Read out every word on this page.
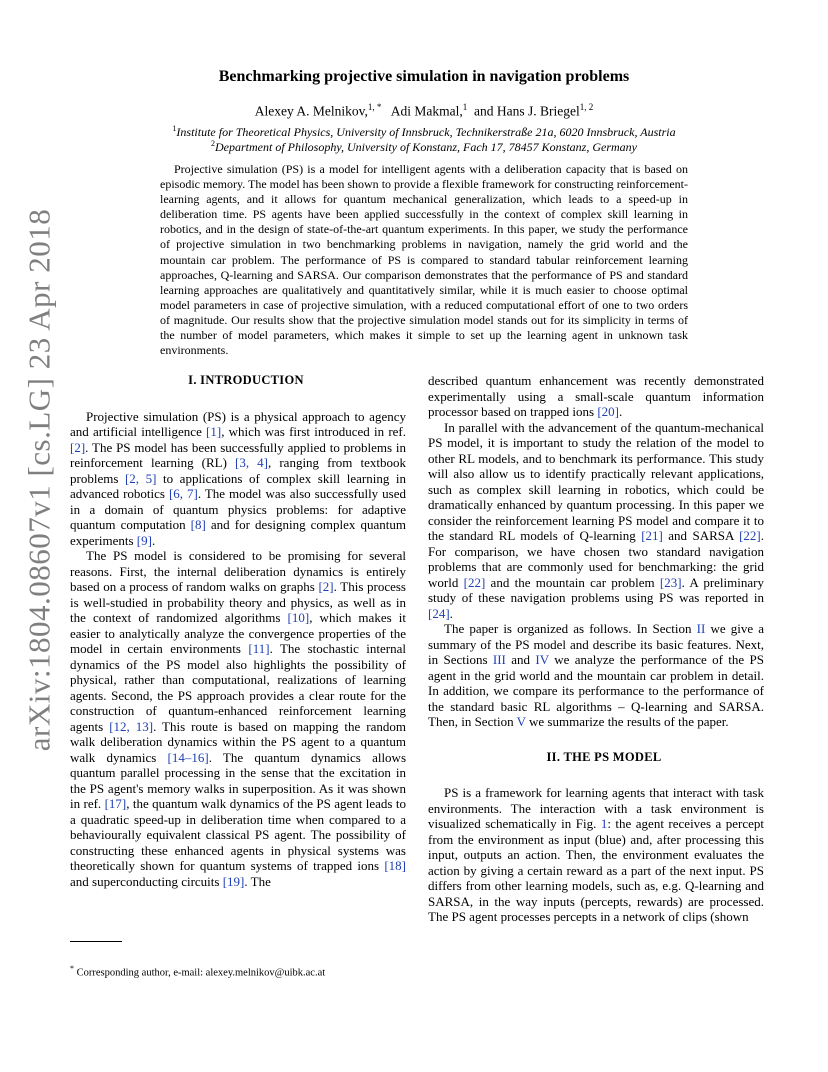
arXiv:1804.08607v1 [cs.LG] 23 Apr 2018
Benchmarking projective simulation in navigation problems
Alexey A. Melnikov,$^{1, *}$ Adi Makmal,$^1$ and Hans J. Briegel$^{1, 2}$
$^1$Institute for Theoretical Physics, University of Innsbruck, Technikerstraße 21a, 6020 Innsbruck, Austria
$^2$Department of Philosophy, University of Konstanz, Fach 17, 78457 Konstanz, Germany

Projective simulation (PS) is a model for intelligent agents with a deliberation capacity that is based on episodic memory. The model has been shown to provide a flexible framework for constructing reinforcement-learning agents, and it allows for quantum mechanical generalization, which leads to a speed-up in deliberation time. PS agents have been applied successfully in the context of complex skill learning in robotics, and in the design of state-of-the-art quantum experiments. In this paper, we study the performance of projective simulation in two benchmarking problems in navigation, namely the grid world and the mountain car problem. The performance of PS is compared to standard tabular reinforcement learning approaches, Q-learning and SARSA. Our comparison demonstrates that the performance of PS and standard learning approaches are qualitatively and quantitatively similar, while it is much easier to choose optimal model parameters in case of projective simulation, with a reduced computational effort of one to two orders of magnitude. Our results show that the projective simulation model stands out for its simplicity in terms of the number of model parameters, which makes it simple to set up the learning agent in unknown task environments.

I. INTRODUCTION

Projective simulation (PS) is a physical approach to agency and artificial intelligence [1], which was first introduced in ref. [2]. The PS model has been successfully applied to problems in reinforcement learning (RL) [3, 4], ranging from textbook problems [2, 5] to applications of complex skill learning in advanced robotics [6, 7]. The model was also successfully used in a domain of quantum physics problems: for adaptive quantum computation [8] and for designing complex quantum experiments [9].

The PS model is considered to be promising for several reasons. First, the internal deliberation dynamics is entirely based on a process of random walks on graphs [2]. This process is well-studied in probability theory and physics, as well as in the context of randomized algorithms [10], which makes it easier to analytically analyze the convergence properties of the model in certain environments [11]. The stochastic internal dynamics of the PS model also highlights the possibility of physical, rather than computational, realizations of learning agents. Second, the PS approach provides a clear route for the construction of quantum-enhanced reinforcement learning agents [12, 13]. This route is based on mapping the random walk deliberation dynamics within the PS agent to a quantum walk dynamics [14–16]. The quantum dynamics allows quantum parallel processing in the sense that the excitation in the PS agent's memory walks in superposition. As it was shown in ref. [17], the quantum walk dynamics of the PS agent leads to a quadratic speed-up in deliberation time when compared to a behaviourally equivalent classical PS agent. The possibility of constructing these enhanced agents in physical systems was theoretically shown for quantum systems of trapped ions [18] and superconducting circuits [19]. The

described quantum enhancement was recently demonstrated experimentally using a small-scale quantum information processor based on trapped ions [20].

In parallel with the advancement of the quantum-mechanical PS model, it is important to study the relation of the model to other RL models, and to benchmark its performance. This study will also allow us to identify practically relevant applications, such as complex skill learning in robotics, which could be dramatically enhanced by quantum processing. In this paper we consider the reinforcement learning PS model and compare it to the standard RL models of Q-learning [21] and SARSA [22]. For comparison, we have chosen two standard navigation problems that are commonly used for benchmarking: the grid world [22] and the mountain car problem [23]. A preliminary study of these navigation problems using PS was reported in [24].

The paper is organized as follows. In Section II we give a summary of the PS model and describe its basic features. Next, in Sections III and IV we analyze the performance of the PS agent in the grid world and the mountain car problem in detail. In addition, we compare its performance to the performance of the standard basic RL algorithms – Q-learning and SARSA. Then, in Section V we summarize the results of the paper.

II. THE PS MODEL

PS is a framework for learning agents that interact with task environments. The interaction with a task environment is visualized schematically in Fig. 1: the agent receives a percept from the environment as input (blue) and, after processing this input, outputs an action. Then, the environment evaluates the action by giving a certain reward as a part of the next input. PS differs from other learning models, such as, e.g. Q-learning and SARSA, in the way inputs (percepts, rewards) are processed. The PS agent processes percepts in a network of clips (shown

* Corresponding author, e-mail: alexey.melnikov@uibk.ac.at
